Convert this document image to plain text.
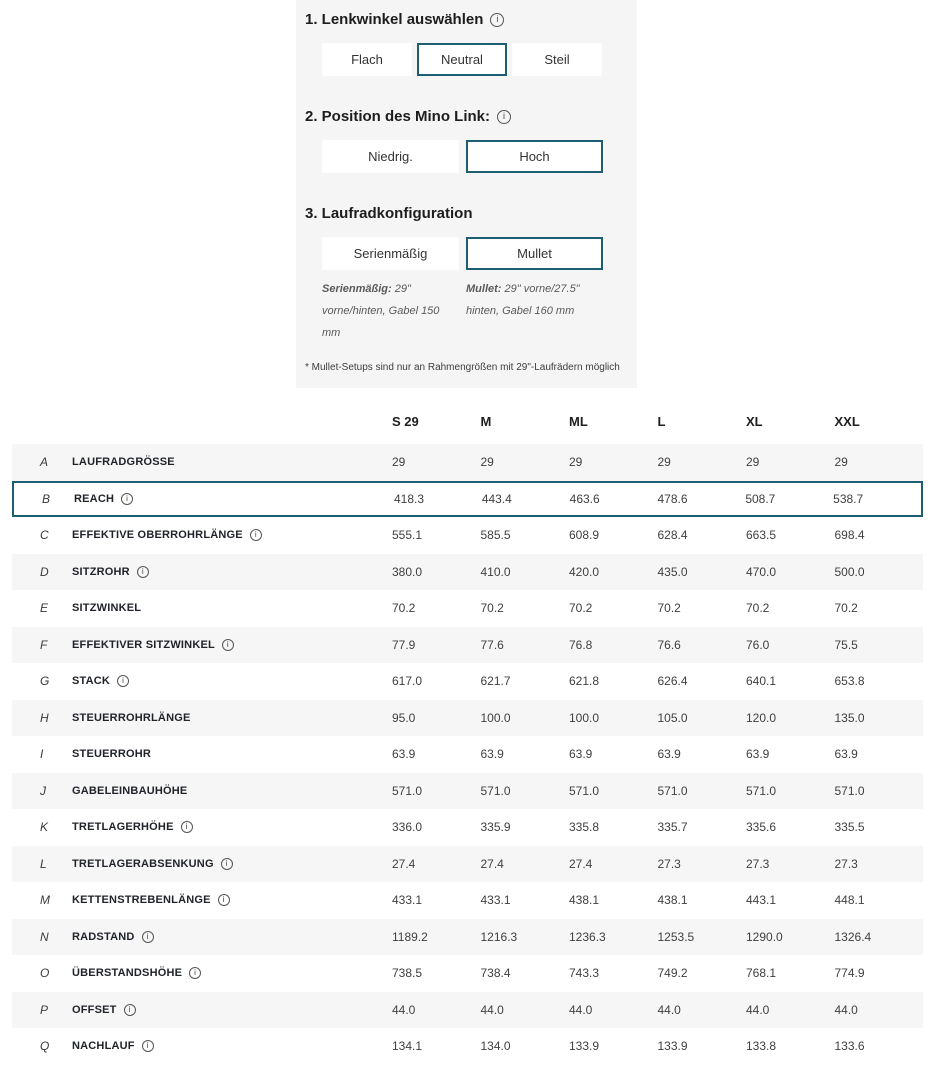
1. Lenkwinkel auswählen	i
Flach	Neutral	Steil
2. Position des Mino Link:	i
Niedrig.	Hoch
3. Laufradkonfiguration
Serienmäßig	Mullet

Serienmäßig: 29" vorne/hinten, Gabel 150 mm

Mullet: 29" vorne/27.5" hinten, Gabel 160 mm

* Mullet-Setups sind nur an Rahmengrößen mit 29"-Laufrädern möglich

S 29	M	ML	L	XL	XXL
A	LAUFRADGRÖSSE	29	29	29	29	29	29
B	REACH	i	418.3	443.4	463.6	478.6	508.7	538.7
C	EFFEKTIVE OBERROHRLÄNGE	i	555.1	585.5	608.9	628.4	663.5	698.4
D	SITZROHR	i	380.0	410.0	420.0	435.0	470.0	500.0
E	SITZWINKEL	70.2	70.2	70.2	70.2	70.2	70.2
F	EFFEKTIVER SITZWINKEL	i	77.9	77.6	76.8	76.6	76.0	75.5
G	STACK	i	617.0	621.7	621.8	626.4	640.1	653.8
H	STEUERROHRLÄNGE	95.0	100.0	100.0	105.0	120.0	135.0
I	STEUERROHR	63.9	63.9	63.9	63.9	63.9	63.9
J	GABELEINBAUHÖHE	571.0	571.0	571.0	571.0	571.0	571.0
K	TRETLAGERHÖHE	i	336.0	335.9	335.8	335.7	335.6	335.5
L	TRETLAGERABSENKUNG	i	27.4	27.4	27.4	27.3	27.3	27.3
M	KETTENSTREBENLÄNGE	i	433.1	433.1	438.1	438.1	443.1	448.1
N	RADSTAND	i	1189.2	1216.3	1236.3	1253.5	1290.0	1326.4
O	ÜBERSTANDSHÖHE	i	738.5	738.4	743.3	749.2	768.1	774.9
P	OFFSET	i	44.0	44.0	44.0	44.0	44.0	44.0
Q	NACHLAUF	i	134.1	134.0	133.9	133.9	133.8	133.6
